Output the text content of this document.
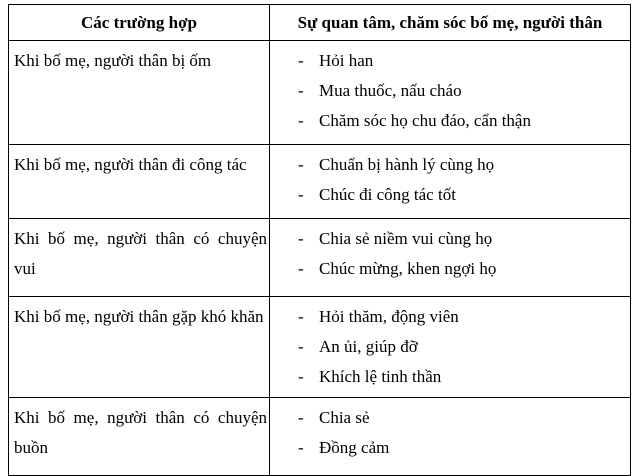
Các trường hợp	Sự quan tâm, chăm sóc bố mẹ, người thân
Khi bố mẹ, người thân bị ốm	- Hỏi han
- Mua thuốc, nấu cháo
- Chăm sóc họ chu đáo, cẩn thận

Khi bố mẹ, người thân đi công tác	- Chuẩn bị hành lý cùng họ
- Chúc đi công tác tốt

Khi bố mẹ, người thân có chuyện vui	- Chia sẻ niềm vui cùng họ
- Chúc mừng, khen ngợi họ

Khi bố mẹ, người thân gặp khó khăn	- Hỏi thăm, động viên
- An ủi, giúp đỡ
- Khích lệ tinh thần

Khi bố mẹ, người thân có chuyện buồn	- Chia sẻ
- Đồng cảm
